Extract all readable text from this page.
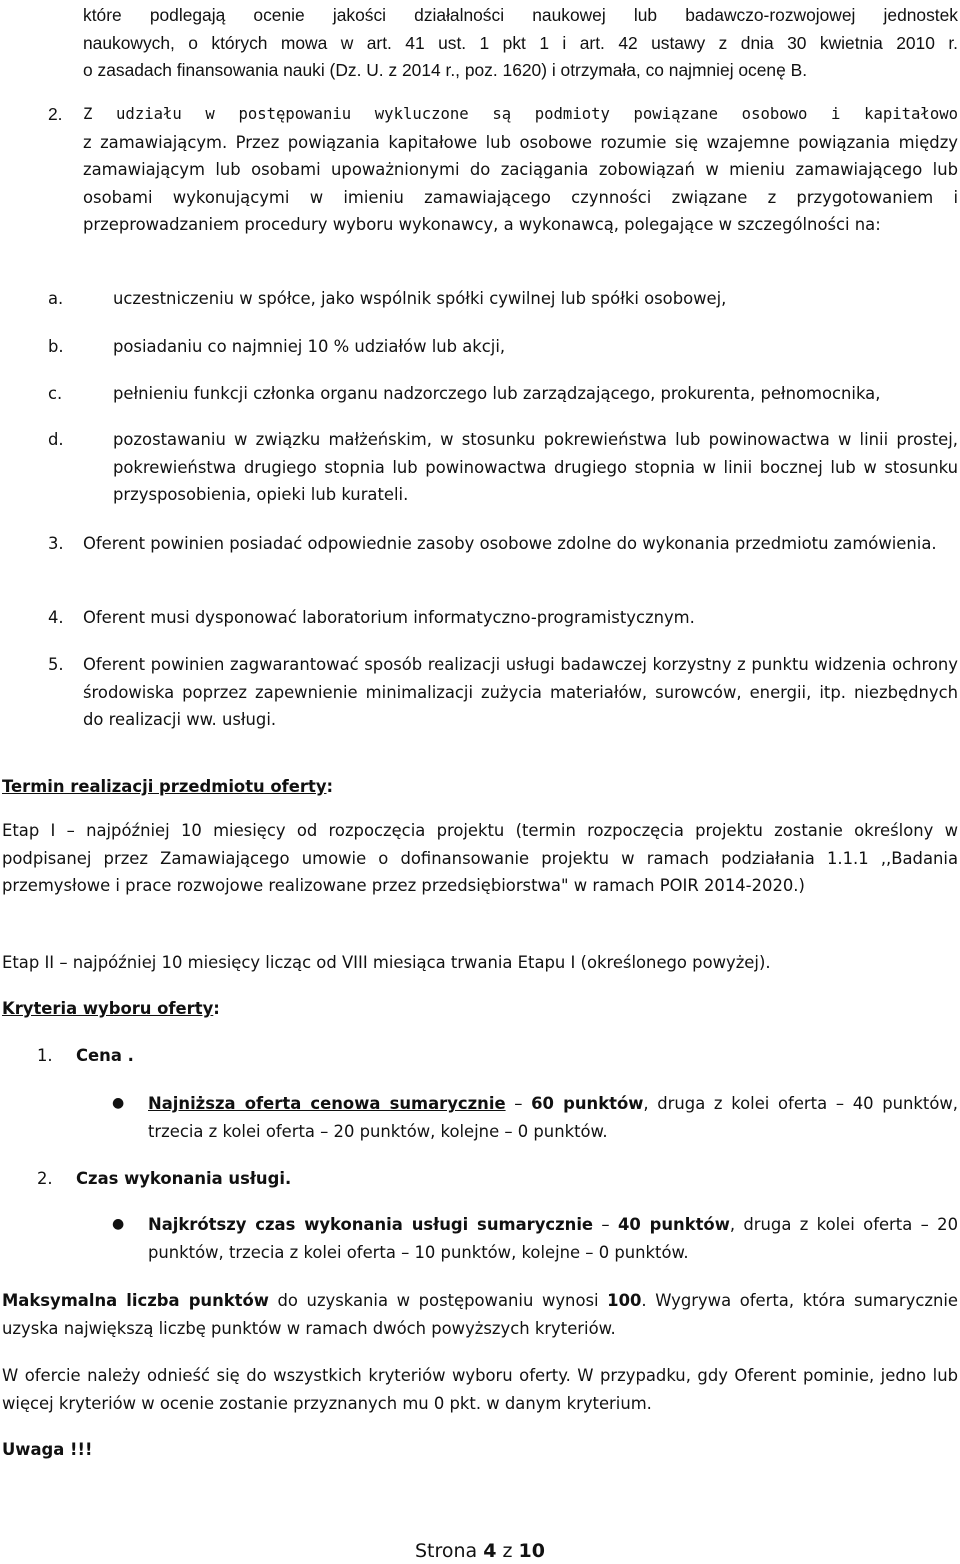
które podlegają ocenie jakości działalności naukowej lub badawczo-rozwojowej jednostek
naukowych, o których mowa w art. 41 ust. 1 pkt 1 i art. 42 ustawy z dnia 30 kwietnia 2010 r.
o zasadach finansowania nauki (Dz. U. z 2014 r., poz. 1620) i otrzymała, co najmniej ocenę B.
2. Z udziału w postępowaniu wykluczone są podmioty powiązane osobowo i kapitałowo
z zamawiającym. Przez powiązania kapitałowe lub osobowe rozumie się wzajemne powiązania między zamawiającym lub osobami upoważnionymi do zaciągania zobowiązań w mieniu zamawiającego lub osobami wykonującymi w imieniu zamawiającego czynności związane z przygotowaniem i przeprowadzaniem procedury wyboru wykonawcy, a wykonawcą, polegające w szczególności na:
a.	uczestniczeniu w spółce, jako wspólnik spółki cywilnej lub spółki osobowej,
b.	posiadaniu co najmniej 10 % udziałów lub akcji,
c.	pełnieniu funkcji członka organu nadzorczego lub zarządzającego, prokurenta, pełnomocnika,
d.	pozostawaniu w związku małżeńskim, w stosunku pokrewieństwa lub powinowactwa w linii prostej, pokrewieństwa drugiego stopnia lub powinowactwa drugiego stopnia w linii bocznej lub w stosunku przysposobienia, opieki lub kurateli.
3. Oferent powinien posiadać odpowiednie zasoby osobowe zdolne do wykonania przedmiotu zamówienia.
4. Oferent musi dysponować laboratorium informatyczno-programistycznym.
5. Oferent powinien zagwarantować sposób realizacji usługi badawczej korzystny z punktu widzenia ochrony środowiska poprzez zapewnienie minimalizacji zużycia materiałów, surowców, energii, itp. niezbędnych do realizacji ww. usługi.
Termin realizacji przedmiotu oferty:
Etap I – najpóźniej 10 miesięcy od rozpoczęcia projektu (termin rozpoczęcia projektu zostanie określony w podpisanej przez Zamawiającego umowie o dofinansowanie projektu w ramach podziałania 1.1.1 ,,Badania przemysłowe i prace rozwojowe realizowane przez przedsiębiorstwa" w ramach POIR 2014-2020.)
Etap II – najpóźniej 10 miesięcy licząc od VIII miesiąca trwania Etapu I (określonego powyżej).
Kryteria wyboru oferty:
1. Cena .
● Najniższa oferta cenowa sumarycznie – 60 punktów, druga z kolei oferta – 40 punktów, trzecia z kolei oferta – 20 punktów, kolejne – 0 punktów.
2. Czas wykonania usługi.
● Najkrótszy czas wykonania usługi sumarycznie – 40 punktów, druga z kolei oferta – 20 punktów, trzecia z kolei oferta – 10 punktów, kolejne – 0 punktów.
Maksymalna liczba punktów do uzyskania w postępowaniu wynosi 100. Wygrywa oferta, która sumarycznie uzyska największą liczbę punktów w ramach dwóch powyższych kryteriów.
W ofercie należy odnieść się do wszystkich kryteriów wyboru oferty. W przypadku, gdy Oferent pominie, jedno lub więcej kryteriów w ocenie zostanie przyznanych mu 0 pkt. w danym kryterium.
Uwaga !!!
Strona 4 z 10
